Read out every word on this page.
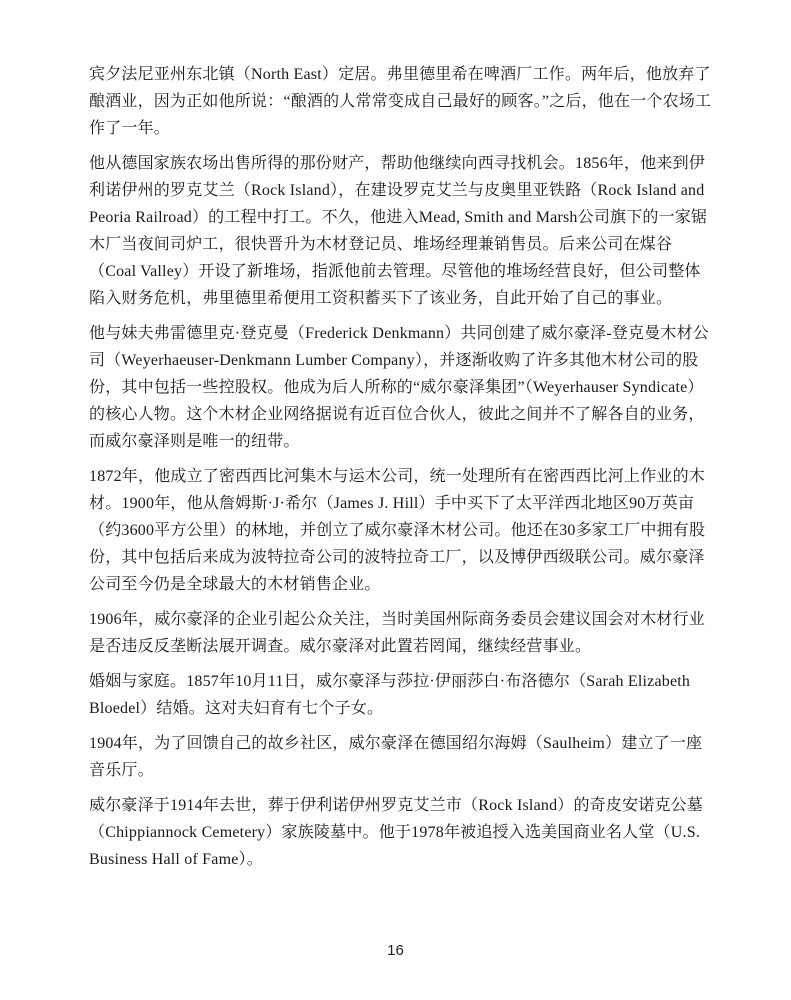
宾夕法尼亚州东北镇（North East）定居。弗里德里希在啤酒厂工作。两年后，他放弃了酿酒业，因为正如他所说：“酿酒的人常常变成自己最好的顾客。”之后，他在一个农场工作了一年。

他从德国家族农场出售所得的那份财产，帮助他继续向西寻找机会。1856年，他来到伊利诺伊州的罗克艾兰（Rock Island），在建设罗克艾兰与皮奥里亚铁路（Rock Island and Peoria Railroad）的工程中打工。不久，他进入Mead, Smith and Marsh公司旗下的一家锯木厂当夜间司炉工，很快晋升为木材登记员、堆场经理兼销售员。后来公司在煤谷（Coal Valley）开设了新堆场，指派他前去管理。尽管他的堆场经营良好，但公司整体陷入财务危机，弗里德里希便用工资积蓄买下了该业务，自此开始了自己的事业。

他与妹夫弗雷德里克·登克曼（Frederick Denkmann）共同创建了威尔豪泽-登克曼木材公司（Weyerhaeuser-Denkmann Lumber Company），并逐渐收购了许多其他木材公司的股份，其中包括一些控股权。他成为后人所称的“威尔豪泽集团”（Weyerhauser Syndicate）的核心人物。这个木材企业网络据说有近百位合伙人，彼此之间并不了解各自的业务，而威尔豪泽则是唯一的纽带。

1872年，他成立了密西西比河集木与运木公司，统一处理所有在密西西比河上作业的木材。1900年，他从詹姆斯·J·希尔（James J. Hill）手中买下了太平洋西北地区90万英亩（约3600平方公里）的林地，并创立了威尔豪泽木材公司。他还在30多家工厂中拥有股份，其中包括后来成为波特拉奇公司的波特拉奇工厂，以及博伊西级联公司。威尔豪泽公司至今仍是全球最大的木材销售企业。

1906年，威尔豪泽的企业引起公众关注，当时美国州际商务委员会建议国会对木材行业是否违反反垄断法展开调查。威尔豪泽对此置若罔闻，继续经营事业。

婚姻与家庭。1857年10月11日，威尔豪泽与莎拉·伊丽莎白·布洛德尔（Sarah Elizabeth Bloedel）结婚。这对夫妇育有七个子女。

1904年，为了回馈自己的故乡社区，威尔豪泽在德国绍尔海姆（Saulheim）建立了一座音乐厅。

威尔豪泽于1914年去世，葬于伊利诺伊州罗克艾兰市（Rock Island）的奇皮安诺克公墓（Chippiannock Cemetery）家族陵墓中。他于1978年被追授入选美国商业名人堂（U.S. Business Hall of Fame）。

16
